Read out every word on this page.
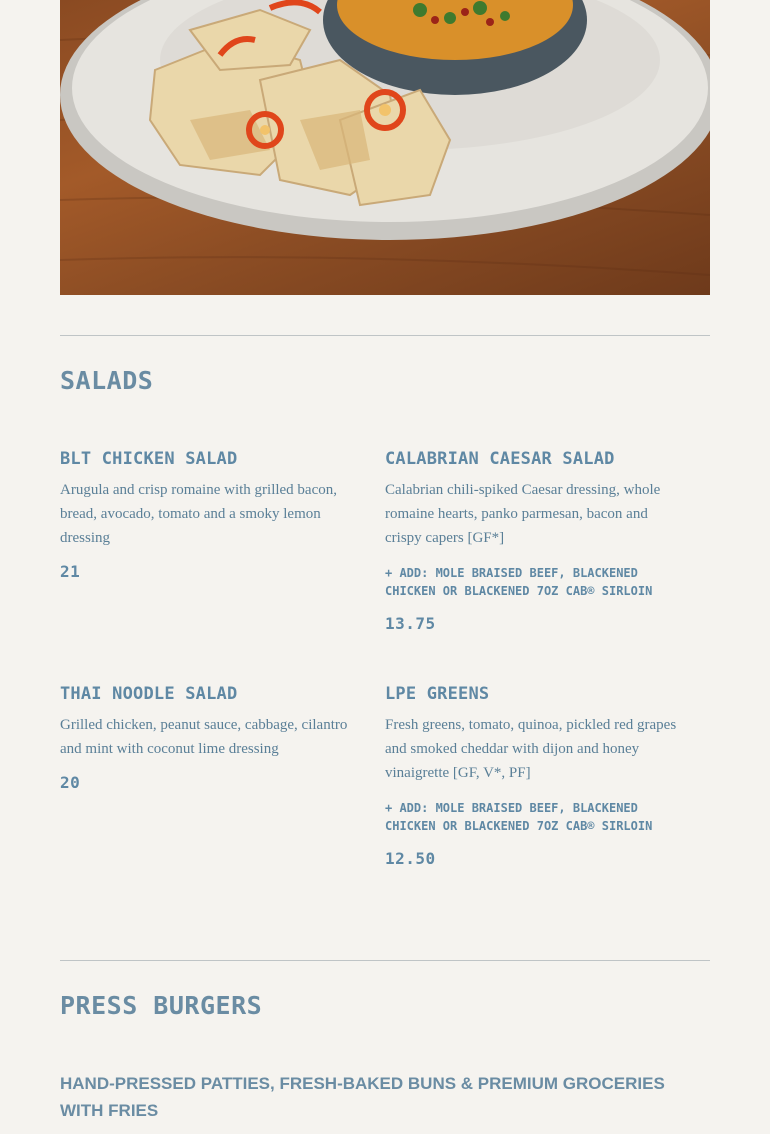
SALADS
BLT CHICKEN SALAD
Arugula and crisp romaine with grilled bacon, bread, avocado, tomato and a smoky lemon dressing
21
CALABRIAN CAESAR SALAD
Calabrian chili-spiked Caesar dressing, whole romaine hearts, panko parmesan, bacon and crispy capers [GF*]
+ ADD: MOLE BRAISED BEEF, BLACKENED CHICKEN OR BLACKENED 7OZ CAB® SIRLOIN
13.75
THAI NOODLE SALAD
Grilled chicken, peanut sauce, cabbage, cilantro and mint with coconut lime dressing
20
LPE GREENS
Fresh greens, tomato, quinoa, pickled red grapes and smoked cheddar with dijon and honey vinaigrette [GF, V*, PF]
+ ADD: MOLE BRAISED BEEF, BLACKENED CHICKEN OR BLACKENED 7OZ CAB® SIRLOIN
12.50
PRESS BURGERS
HAND-PRESSED PATTIES, FRESH-BAKED BUNS & PREMIUM GROCERIES WITH FRIES
